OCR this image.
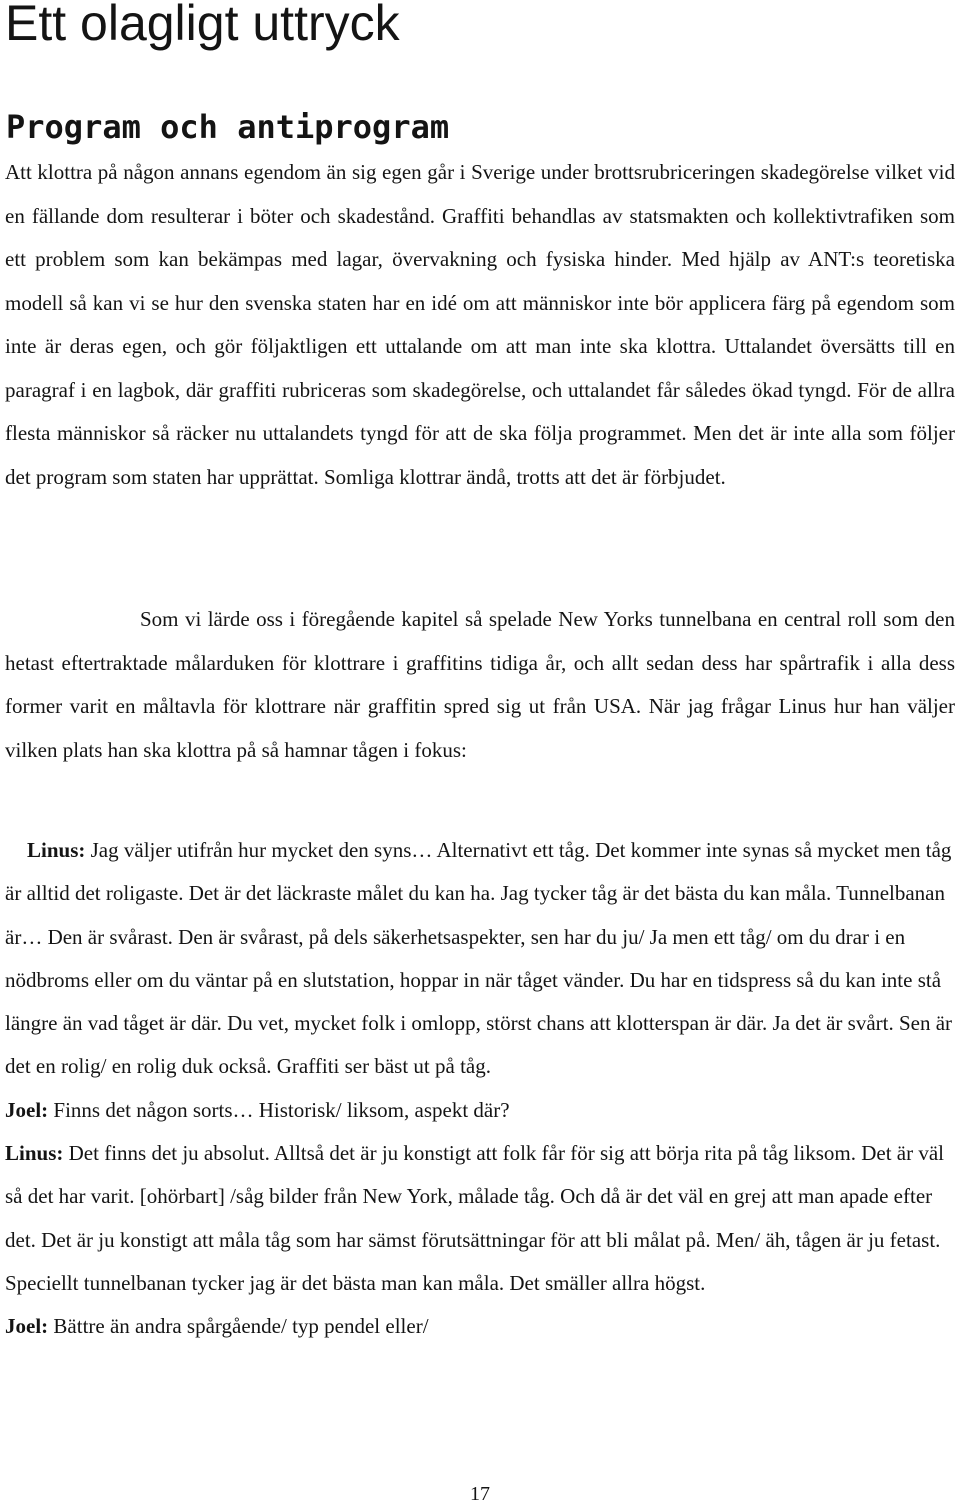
Ett olagligt uttryck
Program och antiprogram

Att klottra på någon annans egendom än sig egen går i Sverige under brottsrubriceringen skadegörelse vilket vid en fällande dom resulterar i böter och skadestånd. Graffiti behandlas av statsmakten och kollektivtrafiken som ett problem som kan bekämpas med lagar, övervakning och fysiska hinder. Med hjälp av ANT:s teoretiska modell så kan vi se hur den svenska staten har en idé om att människor inte bör applicera färg på egendom som inte är deras egen, och gör följaktligen ett uttalande om att man inte ska klottra. Uttalandet översätts till en paragraf i en lagbok, där graffiti rubriceras som skadegörelse, och uttalandet får således ökad tyngd. För de allra flesta människor så räcker nu uttalandets tyngd för att de ska följa programmet. Men det är inte alla som följer det program som staten har upprättat. Somliga klottrar ändå, trotts att det är förbjudet.

Som vi lärde oss i föregående kapitel så spelade New Yorks tunnelbana en central roll som den hetast eftertraktade målarduken för klottrare i graffitins tidiga år, och allt sedan dess har spårtrafik i alla dess former varit en måltavla för klottrare när graffitin spred sig ut från USA. När jag frågar Linus hur han väljer vilken plats han ska klottra på så hamnar tågen i fokus:

Linus: Jag väljer utifrån hur mycket den syns… Alternativt ett tåg. Det kommer inte synas så mycket men tåg är alltid det roligaste. Det är det läckraste målet du kan ha. Jag tycker tåg är det bästa du kan måla. Tunnelbanan är… Den är svårast. Den är svårast, på dels säkerhetsaspekter, sen har du ju/ Ja men ett tåg/ om du drar i en nödbroms eller om du väntar på en slutstation, hoppar in när tåget vänder. Du har en tidspress så du kan inte stå längre än vad tåget är där. Du vet, mycket folk i omlopp, störst chans att klotterspan är där. Ja det är svårt. Sen är det en rolig/ en rolig duk också. Graffiti ser bäst ut på tåg.
Joel: Finns det någon sorts… Historisk/ liksom, aspekt där?
Linus: Det finns det ju absolut. Alltså det är ju konstigt att folk får för sig att börja rita på tåg liksom. Det är väl så det har varit. [ohörbart] /såg bilder från New York, målade tåg. Och då är det väl en grej att man apade efter det. Det är ju konstigt att måla tåg som har sämst förutsättningar för att bli målat på. Men/ äh, tågen är ju fetast. Speciellt tunnelbanan tycker jag är det bästa man kan måla. Det smäller allra högst.
Joel: Bättre än andra spårgående/ typ pendel eller/
17
